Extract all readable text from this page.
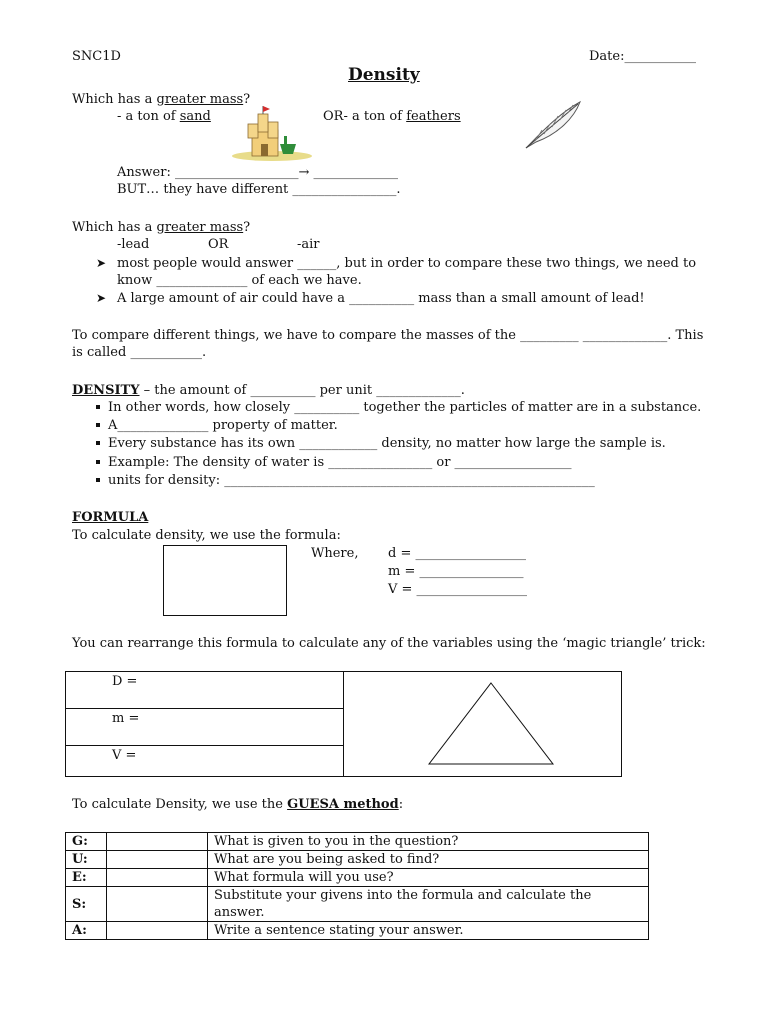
SNC1D	Date:___________
Density
Which has a greater mass?
- a ton of sand	OR- a ton of feathers
Answer: ___________________→ _____________
BUT… they have different ________________.
Which has a greater mass?
-lead	OR	-air
➤ most people would answer ______, but in order to compare these two things, we need to
know ______________ of each we have.
➤ A large amount of air could have a __________ mass than a small amount of lead!
To compare different things, we have to compare the masses of the _________ _____________. This
is called ___________.
DENSITY – the amount of __________ per unit _____________.
In other words, how closely __________ together the particles of matter are in a substance.
A______________ property of matter.
Every substance has its own ____________ density, no matter how large the sample is.
Example: The density of water is ________________ or __________________
units for density: _________________________________________________________
FORMULA
To calculate density, we use the formula:
Where, d = _________________
m = ________________
V = _________________
You can rearrange this formula to calculate any of the variables using the ‘magic triangle’ trick:
D =
m =
V =
To calculate Density, we use the GUESA method:
G:		What is given to you in the question?
U:		What are you being asked to find?
E:		What formula will you use?
S:		Substitute your givens into the formula and calculate the answer.
A:		Write a sentence stating your answer.
